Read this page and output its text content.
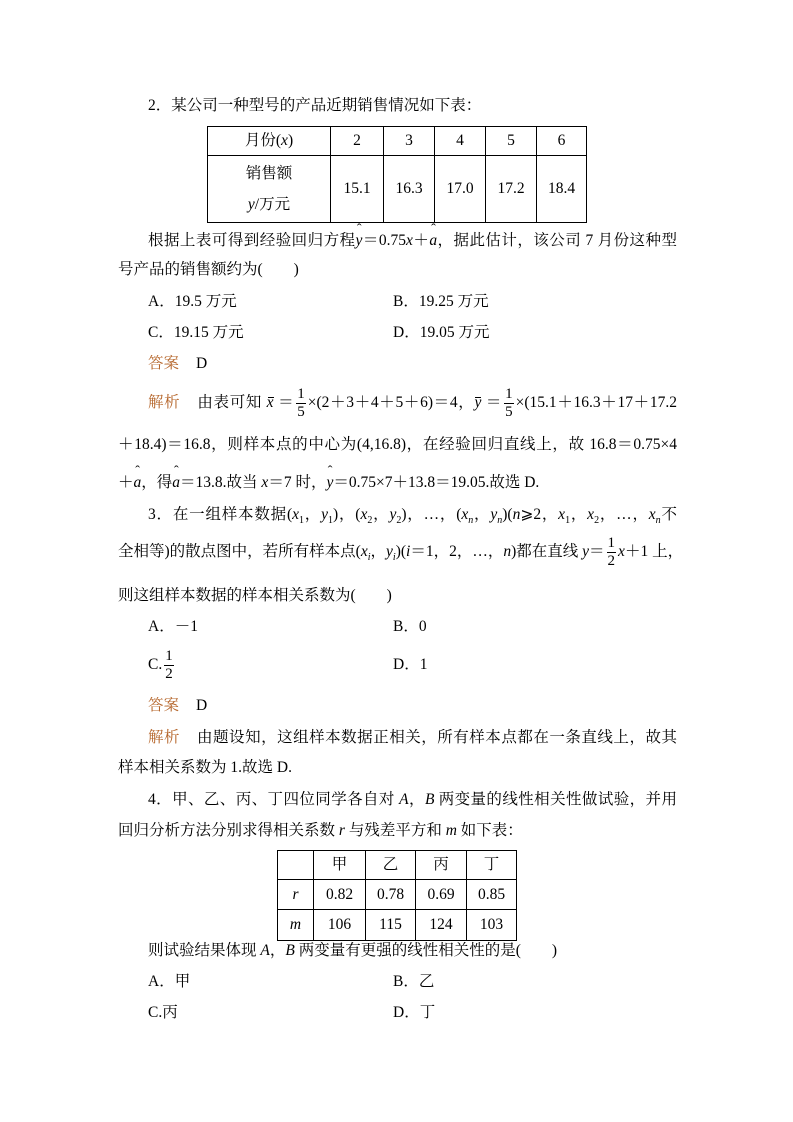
2．某公司一种型号的产品近期销售情况如下表：
月份(x)	2	3	4	5	6
销售额
y/万元	15.1	16.3	17.0	17.2	18.4
根据上表可得到经验回归方程ˆ y＝0.75x＋ˆ a，据此估计，该公司 7 月份这种型
号产品的销售额约为(　　)
A．19.5 万元	B．19.25 万元
C．19.15 万元	D．19.05 万元
答案 D
解析 由表可知 $x = \frac{1}{5} \times(2+3+4+5+6)=4$，$y = \frac{1}{5} \times(15.1+16.3+17+17.2$
＋18.4)＝16.8，则样本点的中心为(4,16.8)，在经验回归直线上，故 16.8＝0.75×4
＋ˆ a，得ˆ a＝13.8.故当 x＝7 时，ˆ y＝0.75×7＋13.8＝19.05.故选 D.
3．在一组样本数据($x_1$，$y_1$)，($x_2$，$y_2$)，…，($x_n$，$y_n)(n⩾2$，$x_1$，$x_2$，…，$x_n$不
全相等)的散点图中，若所有样本点($x_i$，$y_i)(i=1$，2，…，n)都在直线 $y= \frac{1}{2} x+1$ 上，
则这组样本数据的样本相关系数为(　　)
A．－1	B．0
C. $\frac{1}{2}$	D．1
答案 D
解析 由题设知，这组样本数据正相关，所有样本点都在一条直线上，故其
样本相关系数为 1.故选 D.
4．甲、乙、丙、丁四位同学各自对 A，B 两变量的线性相关性做试验，并用
回归分析方法分别求得相关系数 r 与残差平方和 m 如下表：
	甲	乙	丙	丁
r	0.82	0.78	0.69	0.85
m	106	115	124	103
则试验结果体现 A，B 两变量有更强的线性相关性的是(　　)
A．甲	B．乙
C.丙	D．丁
